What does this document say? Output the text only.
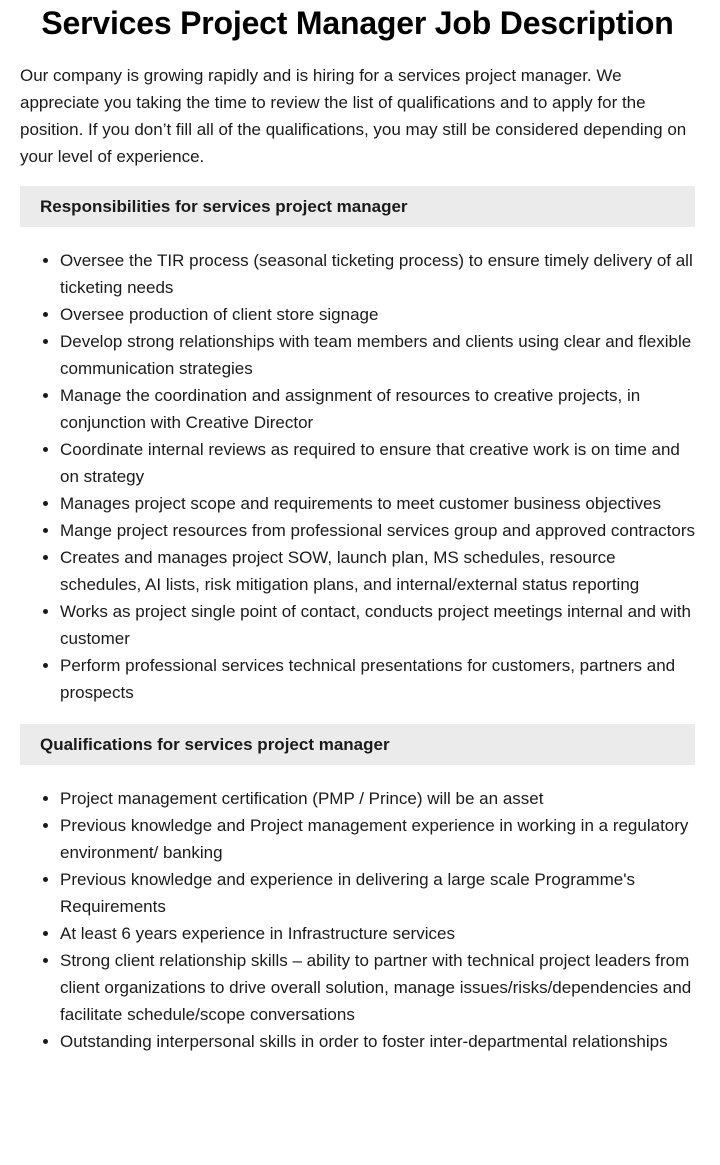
Services Project Manager Job Description

Our company is growing rapidly and is hiring for a services project manager. We appreciate you taking the time to review the list of qualifications and to apply for the position. If you don’t fill all of the qualifications, you may still be considered depending on your level of experience.

Responsibilities for services project manager
• Oversee the TIR process (seasonal ticketing process) to ensure timely delivery of all ticketing needs
• Oversee production of client store signage
• Develop strong relationships with team members and clients using clear and flexible communication strategies
• Manage the coordination and assignment of resources to creative projects, in conjunction with Creative Director
• Coordinate internal reviews as required to ensure that creative work is on time and on strategy
• Manages project scope and requirements to meet customer business objectives
• Mange project resources from professional services group and approved contractors
• Creates and manages project SOW, launch plan, MS schedules, resource schedules, AI lists, risk mitigation plans, and internal/external status reporting
• Works as project single point of contact, conducts project meetings internal and with customer
• Perform professional services technical presentations for customers, partners and prospects
Qualifications for services project manager
• Project management certification (PMP / Prince) will be an asset
• Previous knowledge and Project management experience in working in a regulatory environment/ banking
• Previous knowledge and experience in delivering a large scale Programme's Requirements
• At least 6 years experience in Infrastructure services
• Strong client relationship skills – ability to partner with technical project leaders from client organizations to drive overall solution, manage issues/risks/dependencies and facilitate schedule/scope conversations
• Outstanding interpersonal skills in order to foster inter-departmental relationships
